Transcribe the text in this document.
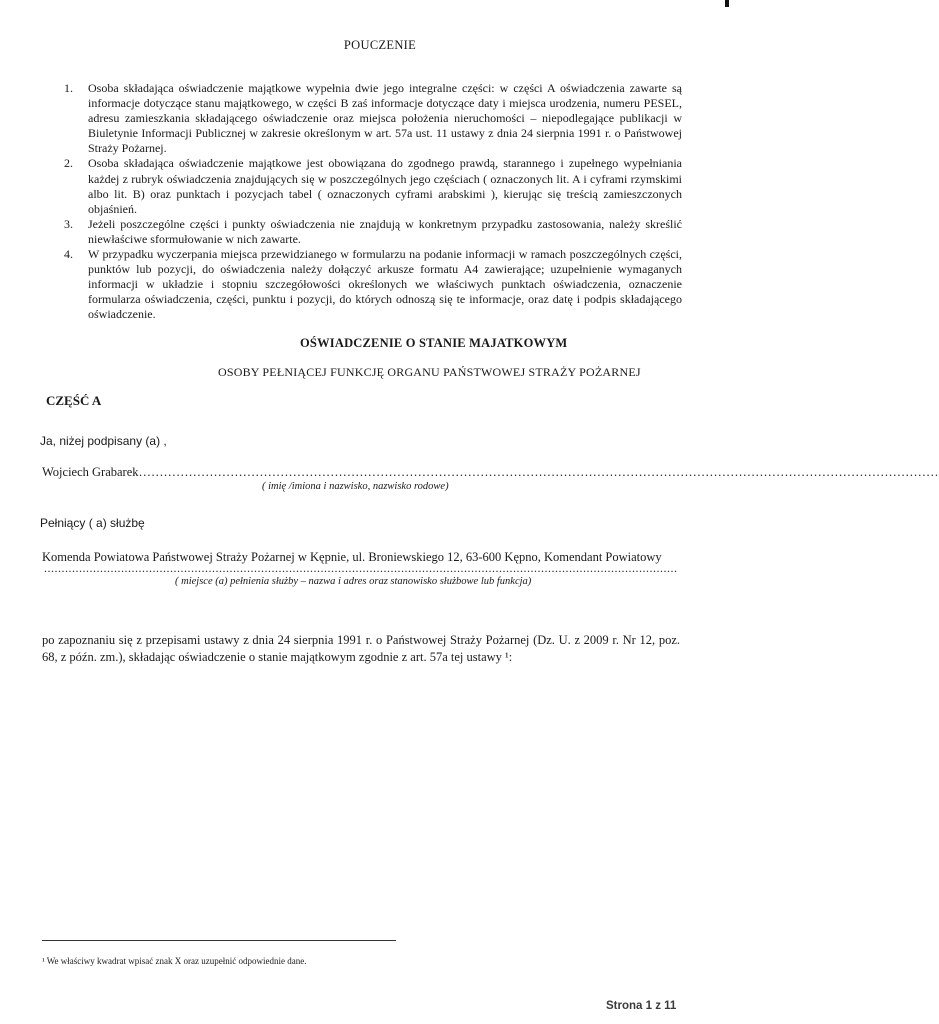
POUCZENIE
1. Osoba składająca oświadczenie majątkowe wypełnia dwie jego integralne części: w części A oświadczenia zawarte są informacje dotyczące stanu majątkowego, w części B zaś informacje dotyczące daty i miejsca urodzenia, numeru PESEL, adresu zamieszkania składającego oświadczenie oraz miejsca położenia nieruchomości – niepodlegające publikacji w Biuletynie Informacji Publicznej w zakresie określonym w art. 57a ust. 11 ustawy z dnia 24 sierpnia 1991 r. o Państwowej Straży Pożarnej.
2. Osoba składająca oświadczenie majątkowe jest obowiązana do zgodnego prawdą, starannego i zupełnego wypełniania każdej z rubryk oświadczenia znajdujących się w poszczególnych jego częściach ( oznaczonych lit. A i cyframi rzymskimi albo lit. B) oraz punktach i pozycjach tabel ( oznaczonych cyframi arabskimi ), kierując się treścią zamieszczonych objaśnień.
3. Jeżeli poszczególne części i punkty oświadczenia nie znajdują w konkretnym przypadku zastosowania, należy skreślić niewłaściwe sformułowanie w nich zawarte.
4. W przypadku wyczerpania miejsca przewidzianego w formularzu na podanie informacji w ramach poszczególnych części, punktów lub pozycji, do oświadczenia należy dołączyć arkusze formatu A4 zawierające; uzupełnienie wymaganych informacji w układzie i stopniu szczegółowości określonych we właściwych punktach oświadczenia, oznaczenie formularza oświadczenia, części, punktu i pozycji, do których odnoszą się te informacje, oraz datę i podpis składającego oświadczenie.
OŚWIADCZENIE O STANIE MAJATKOWYM
OSOBY PEŁNIĄCEJ FUNKCJĘ ORGANU PAŃSTWOWEJ STRAŻY POŻARNEJ
CZĘŚĆ A
Ja, niżej podpisany (a) ,
Wojciech Grabarek…………………………………………………………………………………………………………………………………………………………………………
( imię /imiona i nazwisko, nazwisko rodowe)
Pełniący ( a) służbę
Komenda Powiatowa Państwowej Straży Pożarnej w Kępnie, ul. Broniewskiego 12, 63-600 Kępno, Komendant Powiatowy
.....................................................................................................................................................................................
( miejsce (a) pełnienia służby – nazwa i adres oraz stanowisko służbowe lub funkcja)
po zapoznaniu się z przepisami ustawy z dnia 24 sierpnia 1991 r. o Państwowej Straży Pożarnej (Dz. U. z 2009 r. Nr 12, poz. 68, z późn. zm.), składając oświadczenie o stanie majątkowym zgodnie z art. 57a tej ustawy ¹:
¹ We właściwy kwadrat wpisać znak X oraz uzupełnić odpowiednie dane.
Strona 1 z 11
